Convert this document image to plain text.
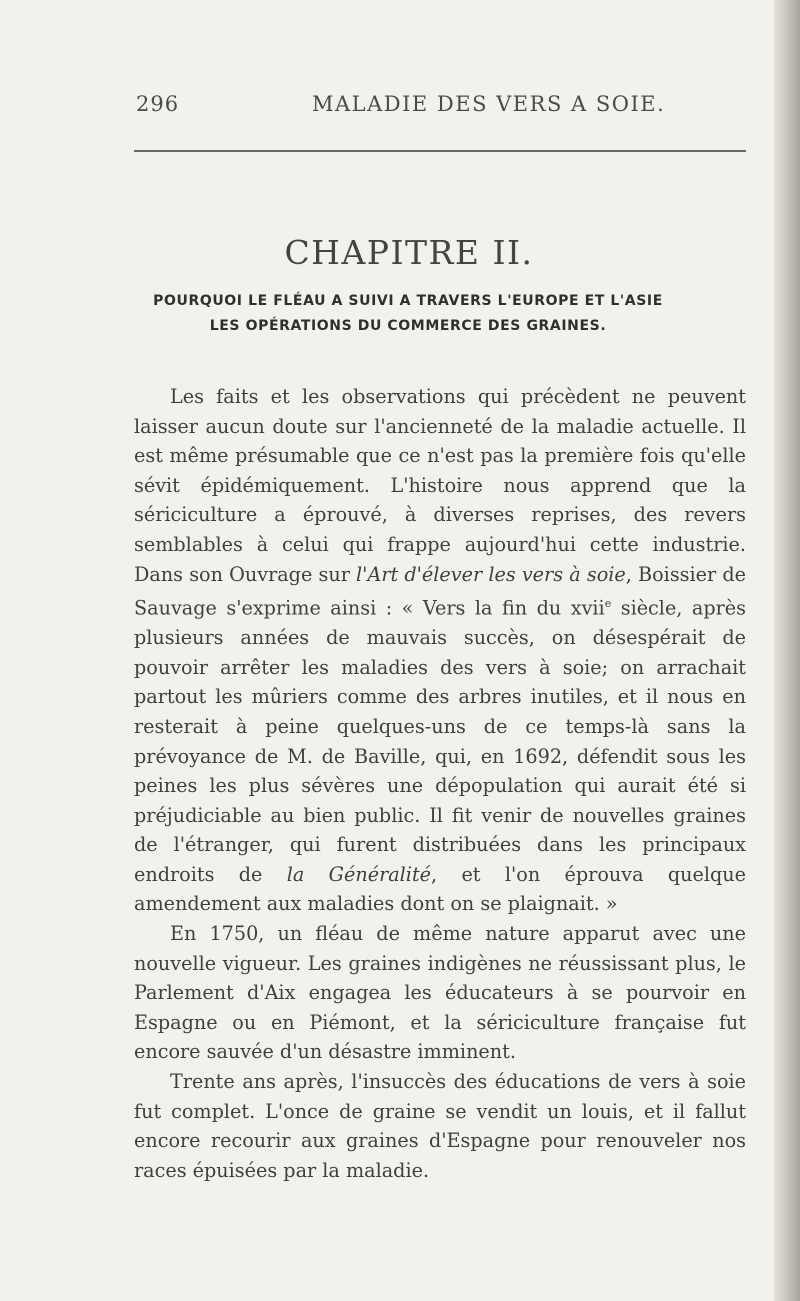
296	MALADIE DES VERS A SOIE.
CHAPITRE II.
POURQUOI LE FLÉAU A SUIVI A TRAVERS L'EUROPE ET L'ASIE
LES OPÉRATIONS DU COMMERCE DES GRAINES.

Les faits et les observations qui précèdent ne peuvent laisser aucun doute sur l'ancienneté de la maladie actuelle. Il est même présumable que ce n'est pas la première fois qu'elle sévit épidémiquement. L'histoire nous apprend que la sériciculture a éprouvé, à diverses reprises, des revers semblables à celui qui frappe aujourd'hui cette industrie. Dans son Ouvrage sur l'Art d'élever les vers à soie, Boissier de Sauvage s'exprime ainsi : « Vers la fin du xvii$^e$ siècle, après plusieurs années de mauvais succès, on désespérait de pouvoir arrêter les maladies des vers à soie; on arrachait partout les mûriers comme des arbres inutiles, et il nous en resterait à peine quelques-uns de ce temps-là sans la prévoyance de M. de Baville, qui, en 1692, défendit sous les peines les plus sévères une dépopulation qui aurait été si préjudiciable au bien public. Il fit venir de nouvelles graines de l'étranger, qui furent distribuées dans les principaux endroits de la Généralité, et l'on éprouva quelque amendement aux maladies dont on se plaignait. »

En 1750, un fléau de même nature apparut avec une nouvelle vigueur. Les graines indigènes ne réussissant plus, le Parlement d'Aix engagea les éducateurs à se pourvoir en Espagne ou en Piémont, et la sériciculture française fut encore sauvée d'un désastre imminent.

Trente ans après, l'insuccès des éducations de vers à soie fut complet. L'once de graine se vendit un louis, et il fallut encore recourir aux graines d'Espagne pour renouveler nos races épuisées par la maladie.
